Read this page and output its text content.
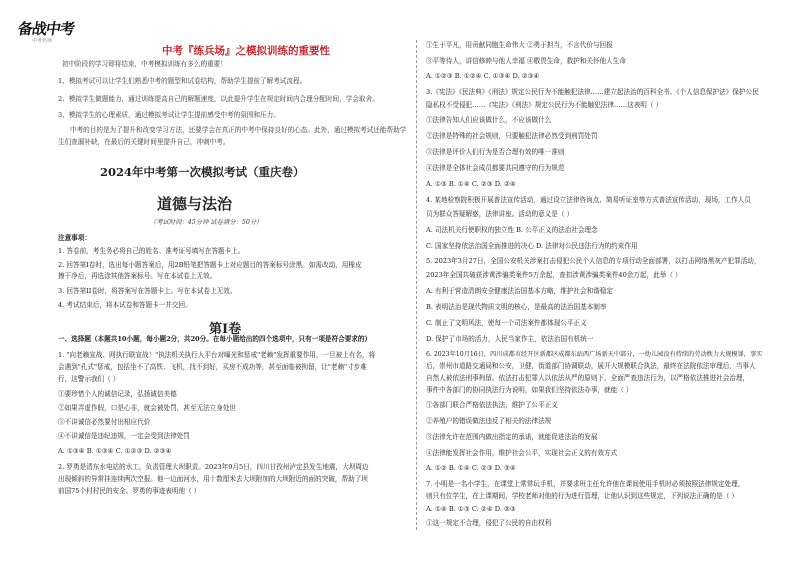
备战中考
中考名师
中考『练兵场』之模拟训练的重要性
初中阶段的学习即将结束，中考模拟训练有多么的重要！
1、模拟考试可以让学生们熟悉中考的题型和试卷结构，帮助学生提前了解考试流程。
2、模拟学生做题能力，通过训练提高自己的解题速度，以此提升学生在规定时间内合理分配时间，学会取舍。
3、模拟学生的心理素质，通过模拟考试让学生提前感受中考的氛围和压力。
中考的目的是为了提升和改变学习方法，还要学会在真正的中考中保持良好的心态。此外，通过模拟考试还能帮助学
生们查漏补缺，在最后的关键时间里提升自己，冲刺中考。
2024年中考第一次模拟考试（重庆卷）
道德与法治
（考试时间：45分钟 试卷满分：50分）
注意事项：
1. 答卷前，考生务必将自己的姓名、准考证号填写在答题卡上。
2. 回答第I卷时，选出每小题答案后，用2B铅笔把答题卡上对应题目的答案标号涂黑。如需改动，用橡皮
擦干净后，再选涂其他答案标号。写在本试卷上无效。
3. 回答第II卷时，将答案写在答题卡上。写在本试卷上无效。
4. 考试结束后，将本试卷和答题卡一并交回。
第I卷
一、选择题（本题共10小题，每小题2分，共20分。在每小题给出的四个选项中，只有一项是符合要求的）
1. "向老赖宣战、网执行联宣战！"执法机关执行人平台对曝光和惩戒"老赖"发挥重要作用，一旦被上有名，将
会遇到"孔式"惩戒，包括坐不了高铁、飞机，找不到好，买房不成功等，甚至面临被拘留，让"老赖"寸步难
行，这警示我们（ ）
①要珍惜个人的诚信记录，弘扬诚信美德
②如果弄虚作假，口是心非，就会被处罚，甚至无法立身处世
③不讲诚信必然要付出相应代价
④不讲诚信是违纪违规，一定会受到法律处罚
A. ①③④ B. ①③④ C. ①②③ D. ②③④
2. 罗勇是清东水电站的水工，负责管理大坝职责。2023年9月5日，四川甘孜州泸定县发生地震，大坝周边
出现倾斜的异常挂连续两次空报。他一边面河水，用十数厘米去大坝附加的大坝附近的面的突破，帮助了坝
前国75个村村民的安全。罗勇的事迹表明他（ ）
①生于平凡，用贡献同胞生命伟大 ②勇于担当，不言代价与回报
③平等待人，讲信修睦与他人幸福 ④敬畏生命，救护和关怀他人生命
A. ①②③ B. ①②④ C. ①③④ D. ②③④
3.《宪法》《民法典》《刑法》规定公民行为不能触犯法律……建立起法治的百科全书、《个人信息保护法》保护公民
隐私权不受侵犯……《宪法》《刑法》规定公民行为不能触犯法律……这表明（ ）
①法律告知人们应该做什么，不应该做什么
②法律是特殊的社会规则，只要触犯法律必然受到刑罚处罚
③法律是评价人们行为是否合理有效的唯一准则
④法律是全体社会成员都要共同遵守的行为规范
A. ①③ B. ①④ C. ②③ D. ②④
4. 某地检察院积极开展普法宣传活动，通过设立法律咨询点、简易听证室等方式普法宣传活动，现场，工作人员
员为群众答疑解惑，法律讲座。活动的意义是（ ）
A. 司法机关行使职权的独立性 B. 公平正义的法治社会理念
C. 国家坚持依法治国全面推进的决心 D. 法律对公民违法行为的约束作用
5. 2023年3月27日，全国公安机关涉案打击侵犯公民个人信息的专项行动全面部署，以打击网络黑灰产犯罪活动，
2023年全国共破获涉黄涉骗类案件5万余起，查扣涉黄涉骗类案件40余万起，此举（ ）
A. 有利于营造清朗安全健康法治国基本方略，维护社会和谐稳定
B. 表明法治是现代物质文明的核心，是最高的法治国基本制率
C. 制止了文明风法，使每一个司法案件都体现公平正义
D. 保护了市场的活力，人民当家作主，依法治国有机统一
6. 2023年10月16日，四川成都市经开区新都区成都东站西广场新天中部分，一幼儿园没有持续的劳动秩力大规模罪，事实
后，崇州市道路交通局和公安，卫健，街道部门协调联动，展开大规模联合执法，最终在法院依法审理后，当事人
自然人被依法刑事拘留。依法打击犯罪人以依法从严的原则下，全面严查违法行为，以严格依法推进社会治理，
事件中各部门的协同执法行为说明，如果我们坚持依法办事，就能（ ）
①各部门联合严格依法执法，维护了公平正义
②养殖户的错误做法违反了相关的法律法规
③法律允许在范围内做出指定的承诺，就能促进法治的发展
④法律能发挥社会作用，维护社会公平，实现社会正义的有效方式
A. ①② B. ①④ C. ②③ D. ③④
7. 小明是一名小学生，在课堂上常常玩手机，并要求班主任允许他在课间使用手机时必须按照法律规定处理，
则只有位学生，在上课期间，学校老师对他的行为进行管理，让他认识到这些规定，下列说法正确的是（ ）
A. ①④ B. ①③ C. ②④ D. ②③
①这一规定不合理，侵犯了公民的自由权利
